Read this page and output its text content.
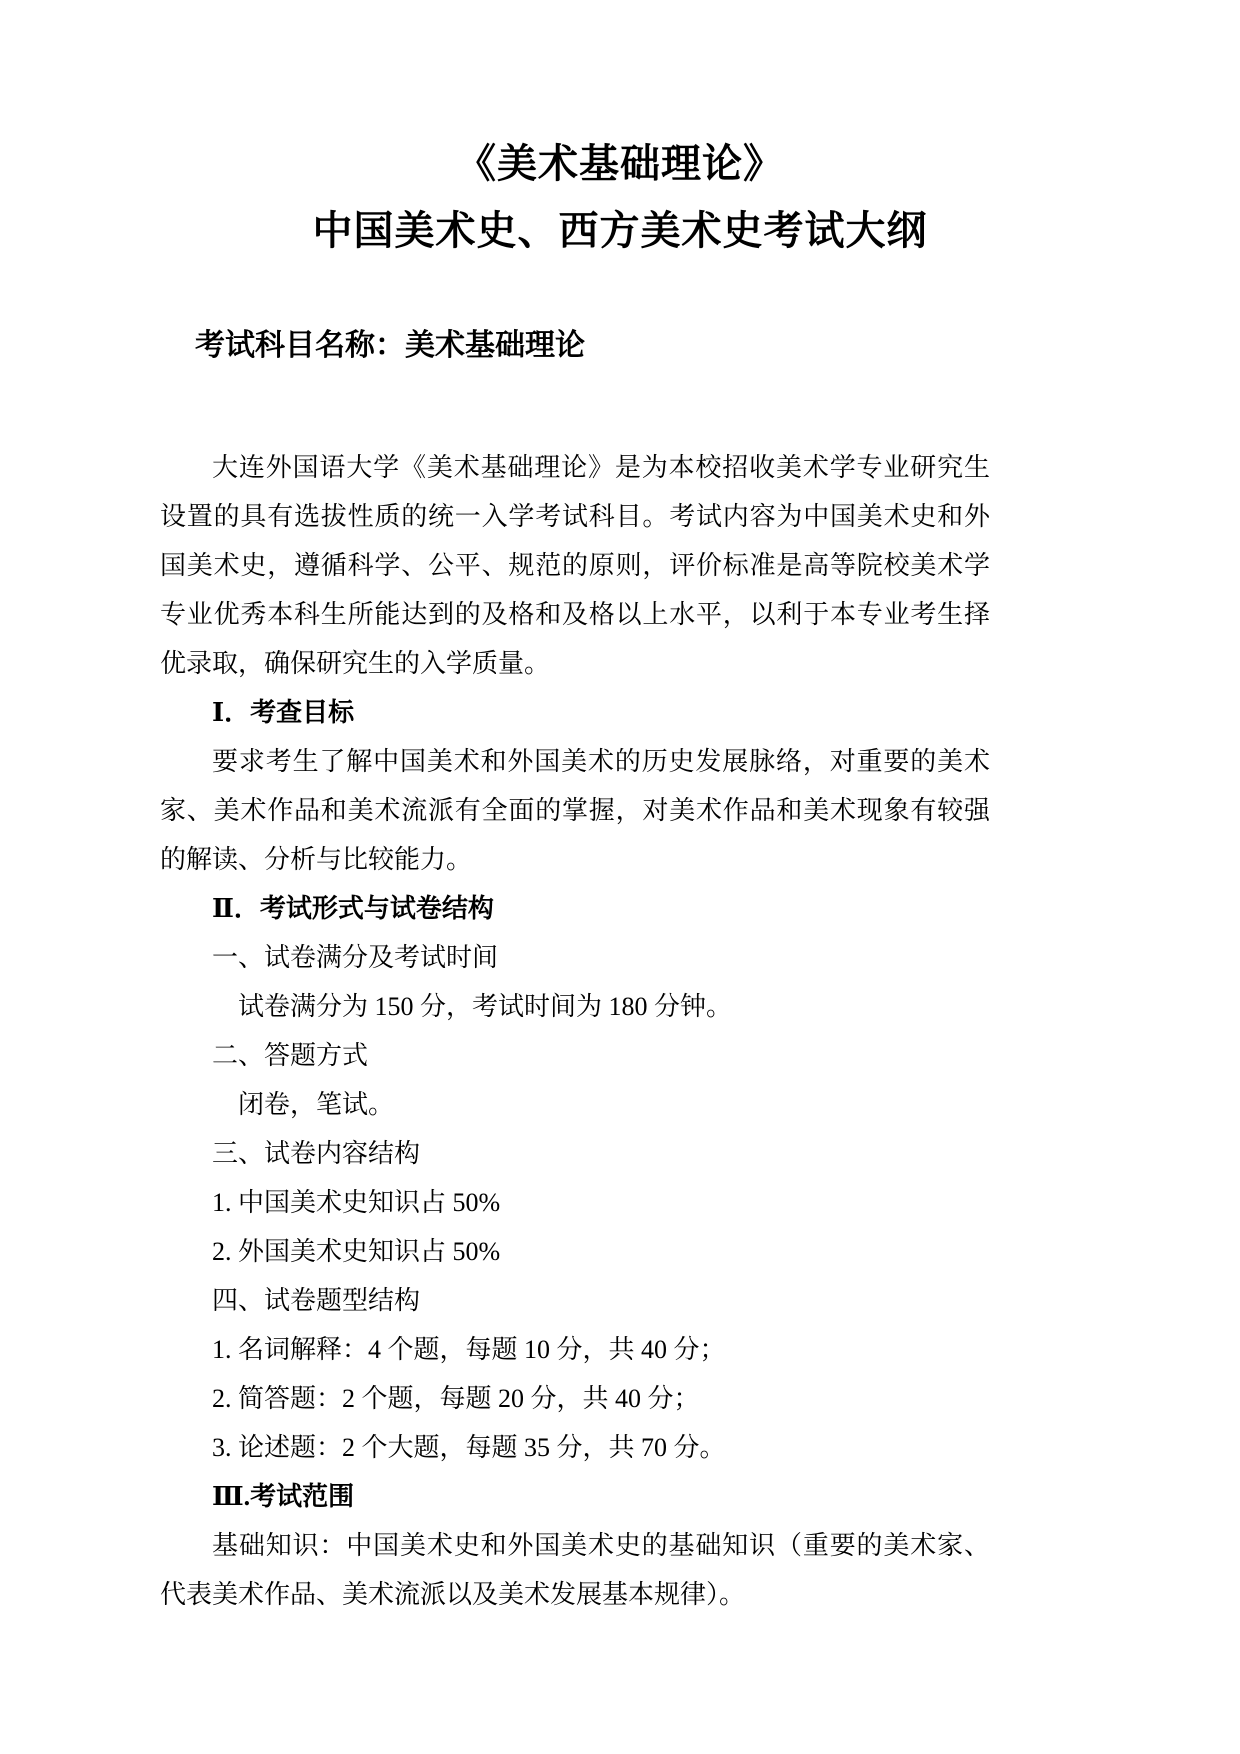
《美术基础理论》
中国美术史、西方美术史考试大纲
考试科目名称：美术基础理论

大连外国语大学《美术基础理论》是为本校招收美术学专业研究生设置的具有选拔性质的统一入学考试科目。考试内容为中国美术史和外国美术史，遵循科学、公平、规范的原则，评价标准是高等院校美术学专业优秀本科生所能达到的及格和及格以上水平，以利于本专业考生择优录取，确保研究生的入学质量。

Ⅰ．考查目标

要求考生了解中国美术和外国美术的历史发展脉络，对重要的美术家、美术作品和美术流派有全面的掌握，对美术作品和美术现象有较强的解读、分析与比较能力。

Ⅱ．考试形式与试卷结构

一、试卷满分及考试时间

试卷满分为 150 分，考试时间为 180 分钟。

二、答题方式

闭卷，笔试。

三、试卷内容结构

1. 中国美术史知识占 50%

2. 外国美术史知识占 50%

四、试卷题型结构

1. 名词解释：4 个题，每题 10 分，共 40 分；

2. 简答题：2 个题，每题 20 分，共 40 分；

3. 论述题：2 个大题，每题 35 分，共 70 分。

Ⅲ.考试范围

基础知识：中国美术史和外国美术史的基础知识（重要的美术家、代表美术作品、美术流派以及美术发展基本规律）。
